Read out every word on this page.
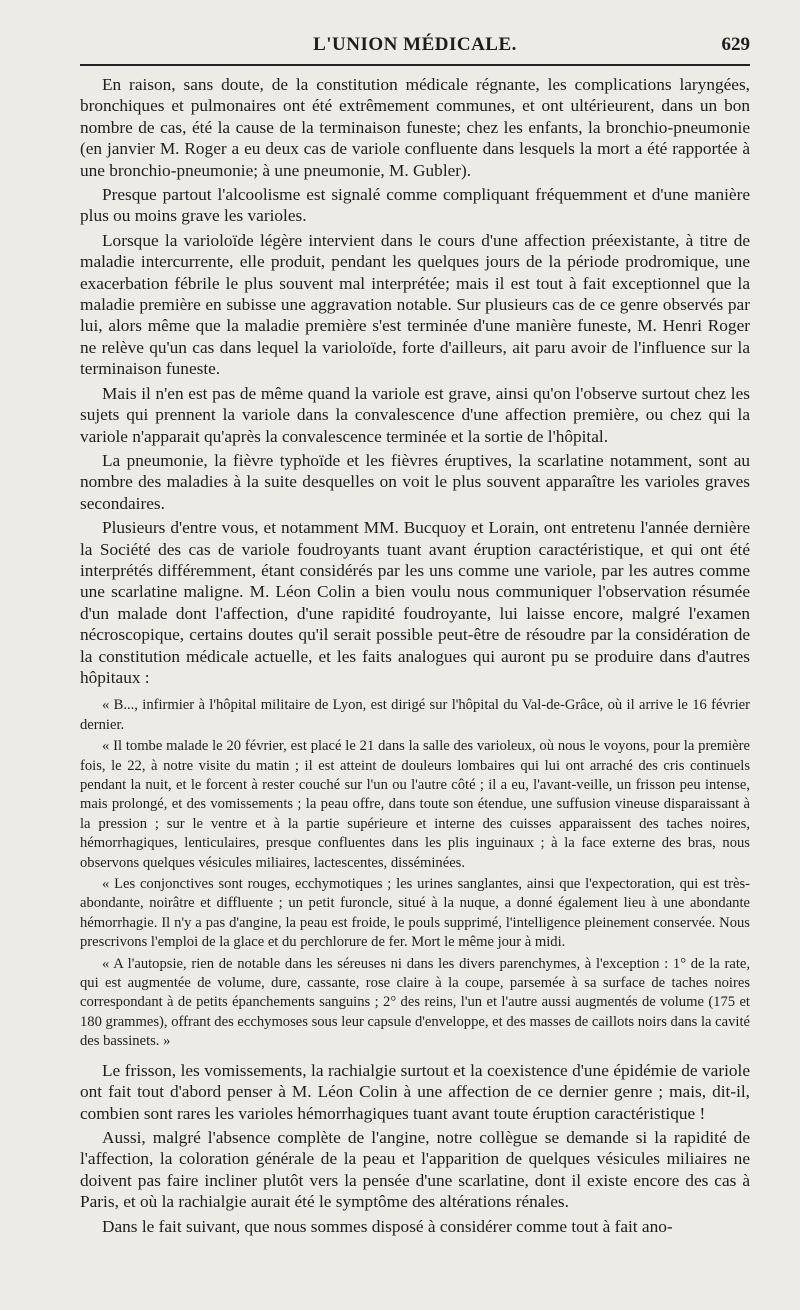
L'UNION MÉDICALE.	629

En raison, sans doute, de la constitution médicale régnante, les complications laryngées, bronchiques et pulmonaires ont été extrêmement communes, et ont ultérieurent, dans un bon nombre de cas, été la cause de la terminaison funeste; chez les enfants, la bronchio-pneumonie (en janvier M. Roger a eu deux cas de variole confluente dans lesquels la mort a été rapportée à une bronchio-pneumonie; à une pneumonie, M. Gubler).

Presque partout l'alcoolisme est signalé comme compliquant fréquemment et d'une manière plus ou moins grave les varioles.

Lorsque la varioloïde légère intervient dans le cours d'une affection préexistante, à titre de maladie intercurrente, elle produit, pendant les quelques jours de la période prodromique, une exacerbation fébrile le plus souvent mal interprétée; mais il est tout à fait exceptionnel que la maladie première en subisse une aggravation notable. Sur plusieurs cas de ce genre observés par lui, alors même que la maladie première s'est terminée d'une manière funeste, M. Henri Roger ne relève qu'un cas dans lequel la varioloïde, forte d'ailleurs, ait paru avoir de l'influence sur la terminaison funeste.

Mais il n'en est pas de même quand la variole est grave, ainsi qu'on l'observe surtout chez les sujets qui prennent la variole dans la convalescence d'une affection première, ou chez qui la variole n'apparait qu'après la convalescence terminée et la sortie de l'hôpital.

La pneumonie, la fièvre typhoïde et les fièvres éruptives, la scarlatine notamment, sont au nombre des maladies à la suite desquelles on voit le plus souvent apparaître les varioles graves secondaires.

Plusieurs d'entre vous, et notamment MM. Bucquoy et Lorain, ont entretenu l'année dernière la Société des cas de variole foudroyants tuant avant éruption caractéristique, et qui ont été interprétés différemment, étant considérés par les uns comme une variole, par les autres comme une scarlatine maligne. M. Léon Colin a bien voulu nous communiquer l'observation résumée d'un malade dont l'affection, d'une rapidité foudroyante, lui laisse encore, malgré l'examen nécroscopique, certains doutes qu'il serait possible peut-être de résoudre par la considération de la constitution médicale actuelle, et les faits analogues qui auront pu se produire dans d'autres hôpitaux :

« B..., infirmier à l'hôpital militaire de Lyon, est dirigé sur l'hôpital du Val-de-Grâce, où il arrive le 16 février dernier.

« Il tombe malade le 20 février, est placé le 21 dans la salle des varioleux, où nous le voyons, pour la première fois, le 22, à notre visite du matin ; il est atteint de douleurs lombaires qui lui ont arraché des cris continuels pendant la nuit, et le forcent à rester couché sur l'un ou l'autre côté ; il a eu, l'avant-veille, un frisson peu intense, mais prolongé, et des vomissements ; la peau offre, dans toute son étendue, une suffusion vineuse disparaissant à la pression ; sur le ventre et à la partie supérieure et interne des cuisses apparaissent des taches noires, hémorrhagiques, lenticulaires, presque confluentes dans les plis inguinaux ; à la face externe des bras, nous observons quelques vésicules miliaires, lactescentes, disséminées.

« Les conjonctives sont rouges, ecchymotiques ; les urines sanglantes, ainsi que l'expectoration, qui est très-abondante, noirâtre et diffluente ; un petit furoncle, situé à la nuque, a donné également lieu à une abondante hémorrhagie. Il n'y a pas d'angine, la peau est froide, le pouls supprimé, l'intelligence pleinement conservée. Nous prescrivons l'emploi de la glace et du perchlorure de fer. Mort le même jour à midi.

« A l'autopsie, rien de notable dans les séreuses ni dans les divers parenchymes, à l'exception : 1° de la rate, qui est augmentée de volume, dure, cassante, rose claire à la coupe, parsemée à sa surface de taches noires correspondant à de petits épanchements sanguins ; 2° des reins, l'un et l'autre aussi augmentés de volume (175 et 180 grammes), offrant des ecchymoses sous leur capsule d'enveloppe, et des masses de caillots noirs dans la cavité des bassinets. »

Le frisson, les vomissements, la rachialgie surtout et la coexistence d'une épidémie de variole ont fait tout d'abord penser à M. Léon Colin à une affection de ce dernier genre ; mais, dit-il, combien sont rares les varioles hémorrhagiques tuant avant toute éruption caractéristique !

Aussi, malgré l'absence complète de l'angine, notre collègue se demande si la rapidité de l'affection, la coloration générale de la peau et l'apparition de quelques vésicules miliaires ne doivent pas faire incliner plutôt vers la pensée d'une scarlatine, dont il existe encore des cas à Paris, et où la rachialgie aurait été le symptôme des altérations rénales.

Dans le fait suivant, que nous sommes disposé à considérer comme tout à fait ano-
